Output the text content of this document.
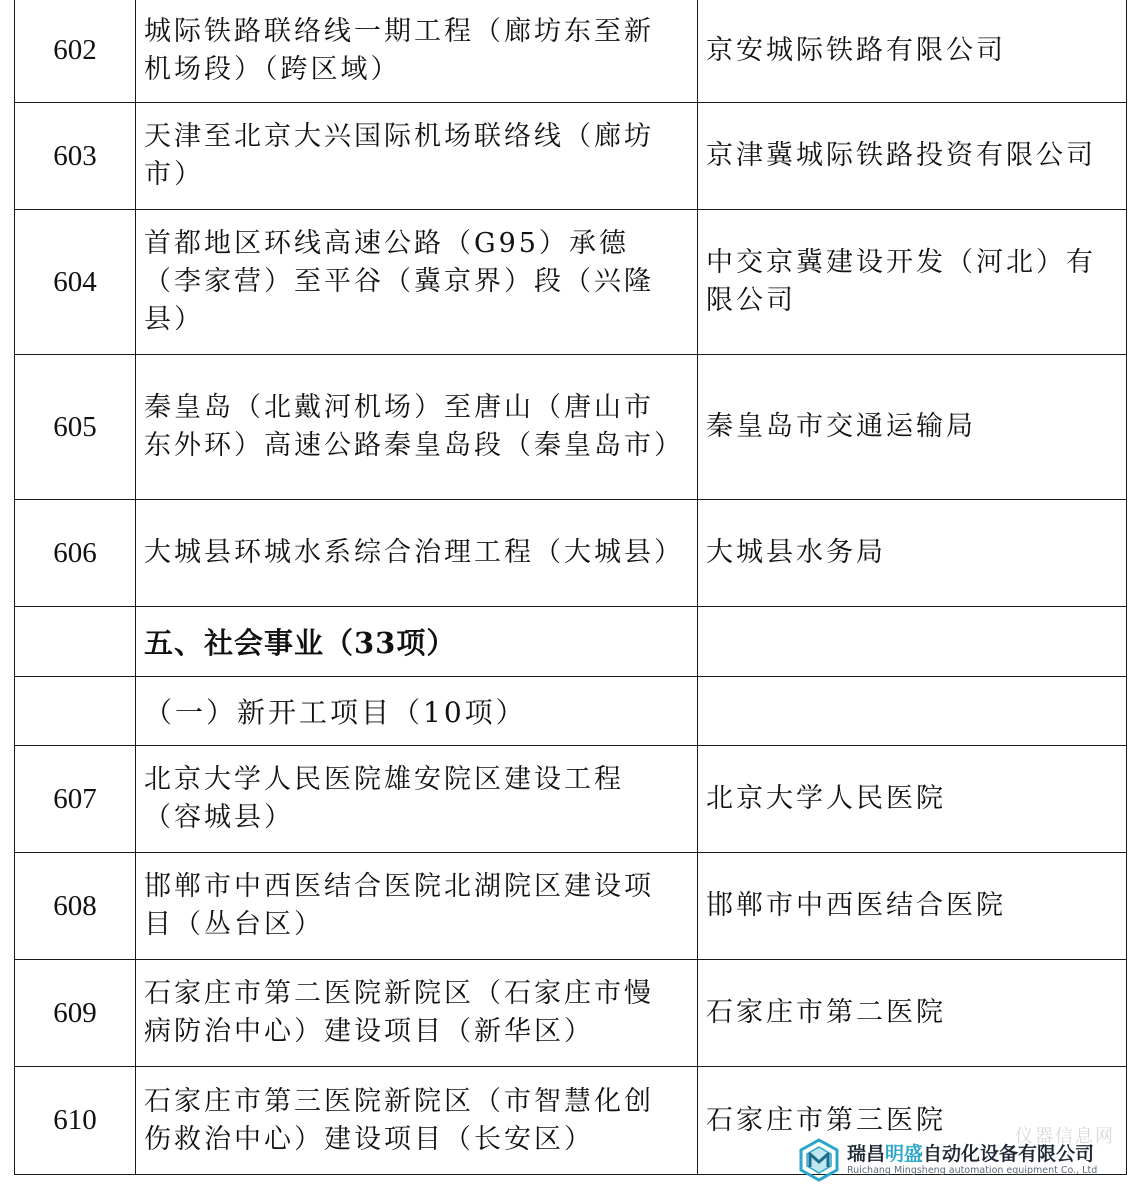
602	城际铁路联络线一期工程（廊坊东至新机场段）（跨区域）	京安城际铁路有限公司
603	天津至北京大兴国际机场联络线（廊坊市）	京津冀城际铁路投资有限公司
604	首都地区环线高速公路（G95）承德（李家营）至平谷（冀京界）段（兴隆县）	中交京冀建设开发（河北）有限公司
605	秦皇岛（北戴河机场）至唐山（唐山市东外环）高速公路秦皇岛段（秦皇岛市）	秦皇岛市交通运输局
606	大城县环城水系综合治理工程（大城县）	大城县水务局
	五、社会事业（33项）	
	（一）新开工项目（10项）	
607	北京大学人民医院雄安院区建设工程（容城县）	北京大学人民医院
608	邯郸市中西医结合医院北湖院区建设项目（丛台区）	邯郸市中西医结合医院
609	石家庄市第二医院新院区（石家庄市慢病防治中心）建设项目（新华区）	石家庄市第二医院
610	石家庄市第三医院新院区（市智慧化创伤救治中心）建设项目（长安区）	石家庄市第三医院
仪器信息网
瑞昌明盛自动化设备有限公司
Ruichang Mingsheng automation equipment Co., Ltd
